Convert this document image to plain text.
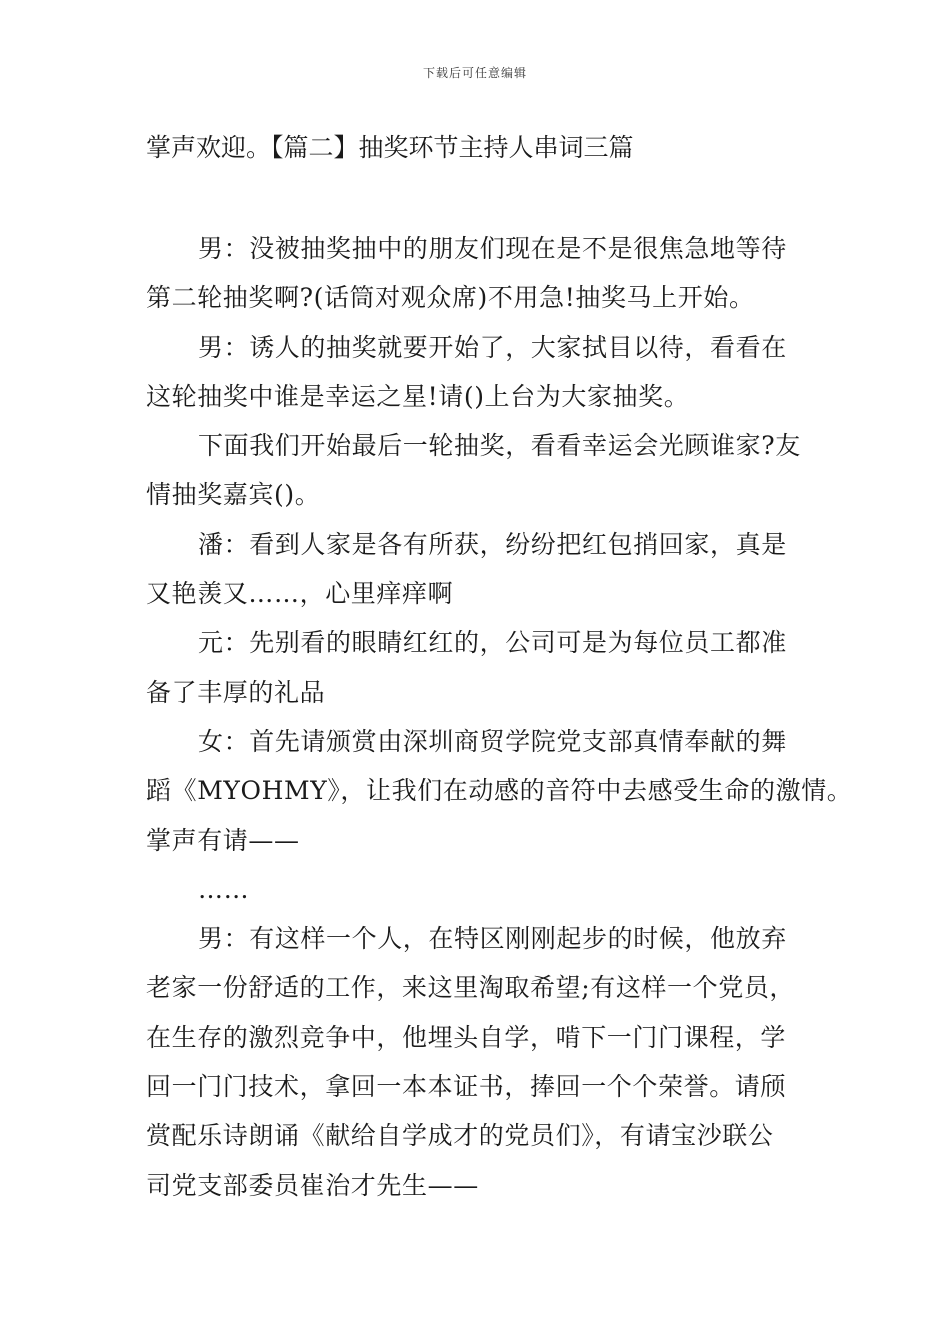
下载后可任意编辑
掌声欢迎。【篇二】抽奖环节主持人串词三篇
男：没被抽奖抽中的朋友们现在是不是很焦急地等待
第二轮抽奖啊?(话筒对观众席)不用急!抽奖马上开始。
男：诱人的抽奖就要开始了，大家拭目以待，看看在
这轮抽奖中谁是幸运之星!请()上台为大家抽奖。
下面我们开始最后一轮抽奖，看看幸运会光顾谁家?友
情抽奖嘉宾()。
潘：看到人家是各有所获，纷纷把红包捎回家，真是
又艳羡又……，心里痒痒啊
元：先别看的眼睛红红的，公司可是为每位员工都准
备了丰厚的礼品
女：首先请颁赏由深圳商贸学院党支部真情奉献的舞
蹈《MYOHMY》，让我们在动感的音符中去感受生命的激情。
掌声有请——
……
男：有这样一个人，在特区刚刚起步的时候，他放弃
老家一份舒适的工作，来这里淘取希望;有这样一个党员，
在生存的激烈竞争中，他埋头自学，啃下一门门课程，学
回一门门技术，拿回一本本证书，捧回一个个荣誉。请颀
赏配乐诗朗诵《献给自学成才的党员们》，有请宝沙联公
司党支部委员崔治才先生——
